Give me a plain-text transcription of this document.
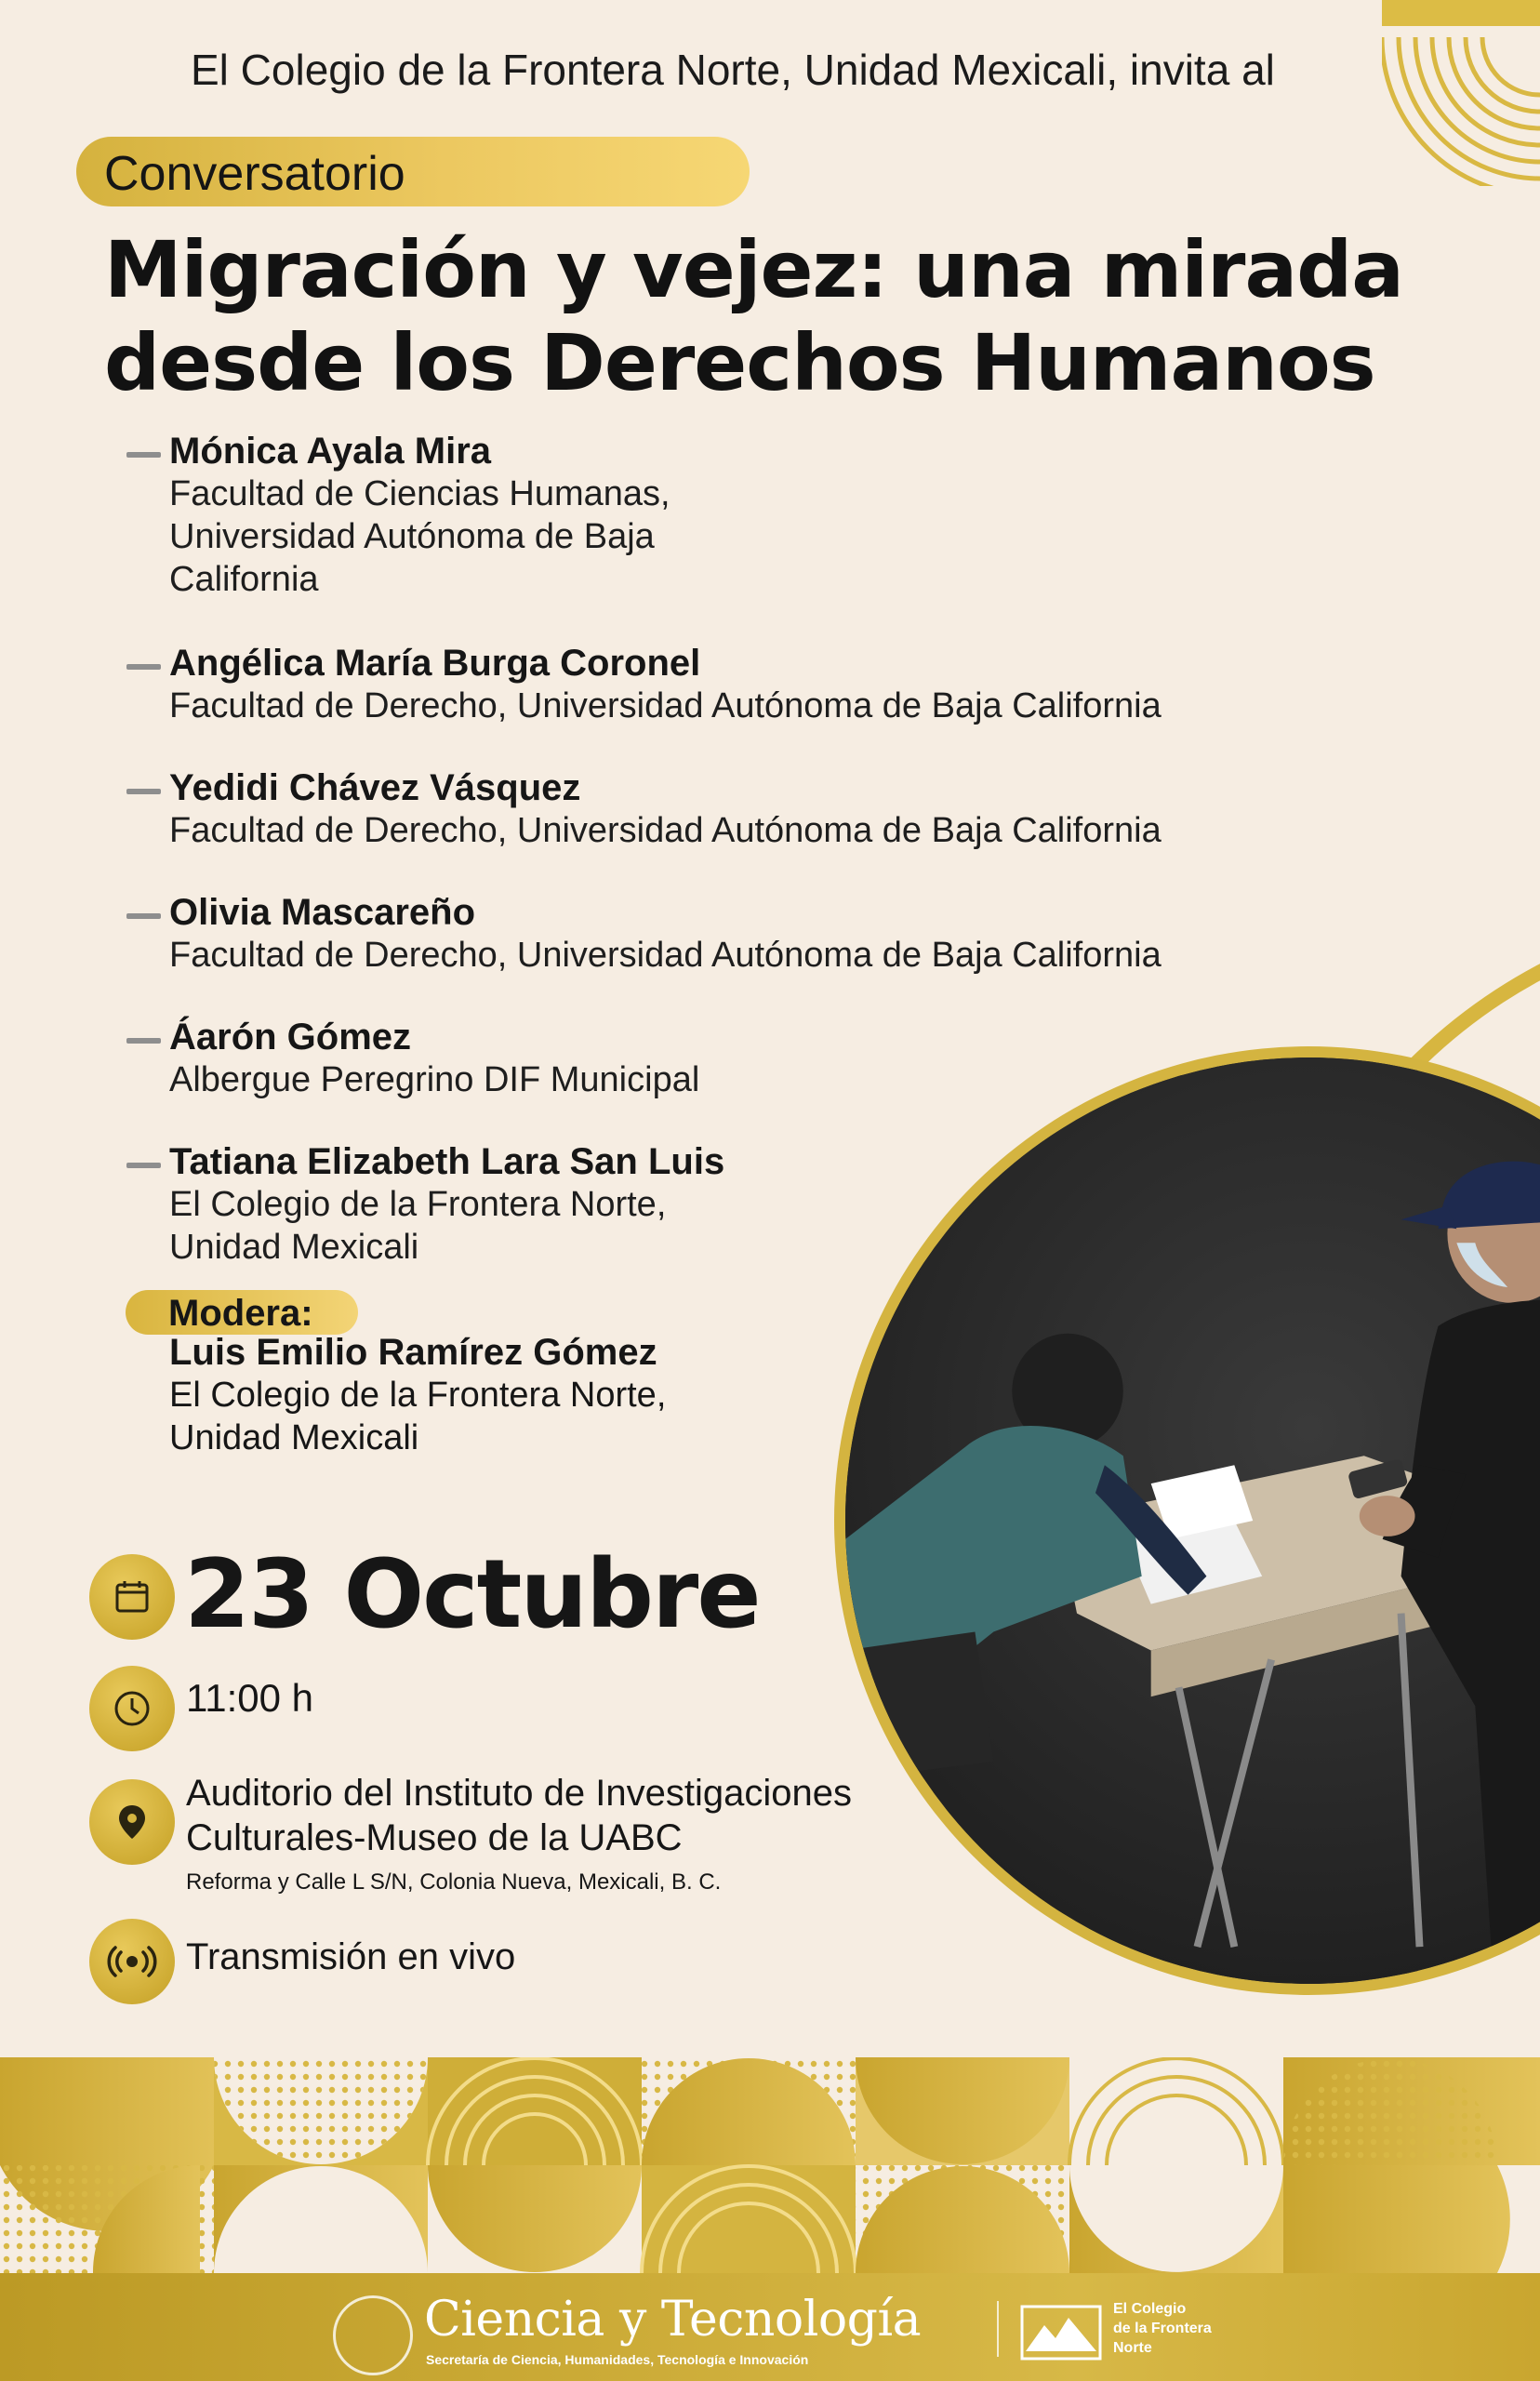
El Colegio de la Frontera Norte, Unidad Mexicali, invita al
Conversatorio
Migración y vejez: una mirada
desde los Derechos Humanos
Mónica Ayala Mira
Facultad de Ciencias Humanas, Universidad Autónoma de Baja California
Angélica María Burga Coronel
Facultad de Derecho, Universidad Autónoma de Baja California
Yedidi Chávez Vásquez
Facultad de Derecho, Universidad Autónoma de Baja California
Olivia Mascareño
Facultad de Derecho, Universidad Autónoma de Baja California
Áarón Gómez
Albergue Peregrino DIF Municipal
Tatiana Elizabeth Lara San Luis
El Colegio de la Frontera Norte,
Unidad Mexicali
Modera:
Luis Emilio Ramírez Gómez
El Colegio de la Frontera Norte,
Unidad Mexicali
23 Octubre
11:00 h
Auditorio del Instituto de Investigaciones
Culturales-Museo de la UABC
Reforma y Calle L S/N, Colonia Nueva, Mexicali, B. C.
Transmisión en vivo
Ciencia y Tecnología
Secretaría de Ciencia, Humanidades, Tecnología e Innovación
El Colegio
de la Frontera
Norte
